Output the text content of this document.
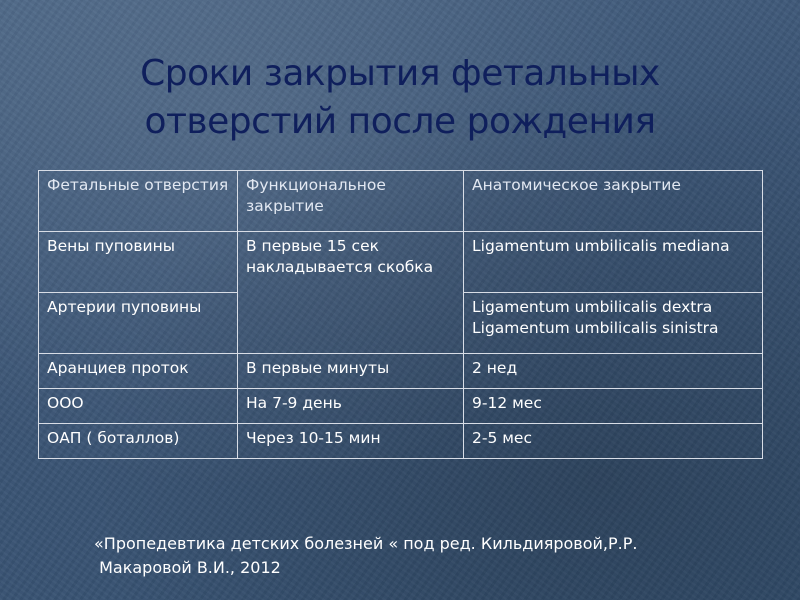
Сроки закрытия фетальных
отверстий после рождения
Фетальные отверстия	Функциональное закрытие	Анатомическое закрытие
Вены пуповины	В первые 15 сек накладывается скобка	Ligamentum umbilicalis mediana
Артерии пуповины		Ligamentum umbilicalis dextra Ligamentum umbilicalis sinistra
Аранциев проток	В первые минуты	2 нед
ООО	На 7-9 день	9-12 мес
ОАП ( боталлов)	Через 10-15 мин	2-5 мес
«Пропедевтика детских болезней « под ред. Кильдияровой,Р.Р.
Макаровой В.И., 2012
